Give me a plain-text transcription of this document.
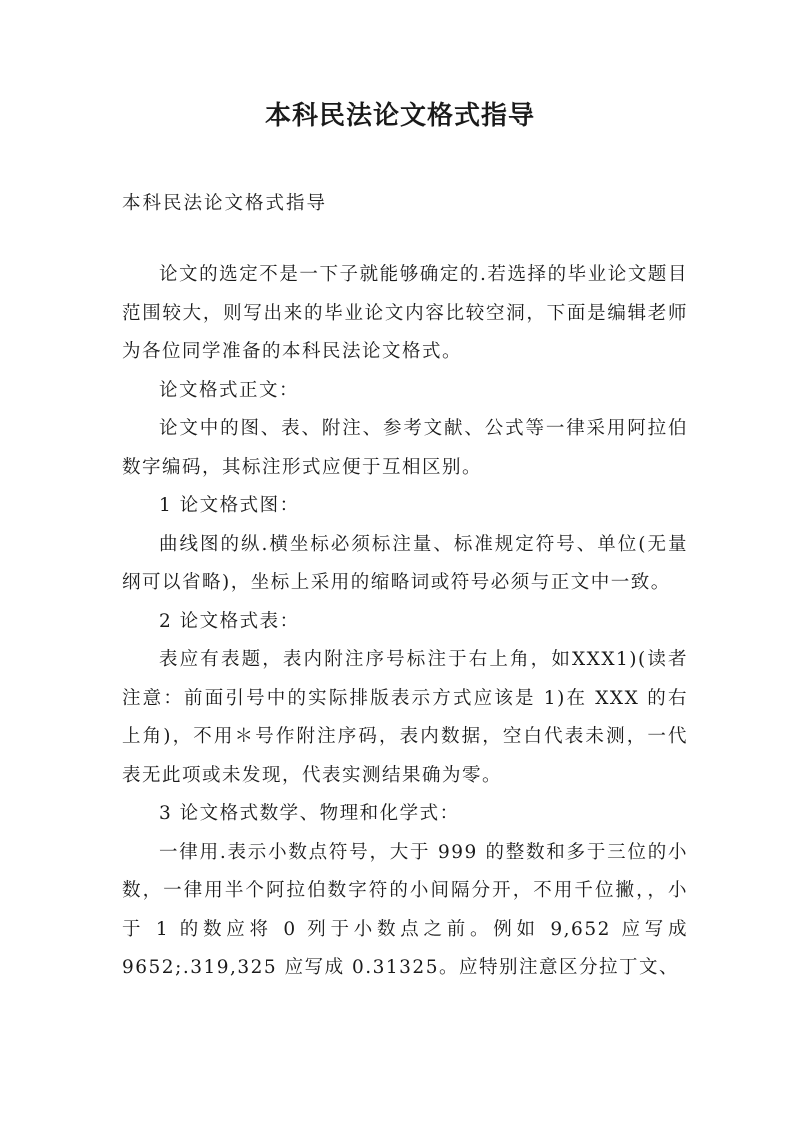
本科民法论文格式指导

本科民法论文格式指导

论文的选定不是一下子就能够确定的.若选择的毕业论文题目范围较大，则写出来的毕业论文内容比较空洞，下面是编辑老师为各位同学准备的本科民法论文格式。

论文格式正文：

论文中的图、表、附注、参考文献、公式等一律采用阿拉伯数字编码，其标注形式应便于互相区别。

1 论文格式图：

曲线图的纵.横坐标必须标注量、标准规定符号、单位(无量纲可以省略)，坐标上采用的缩略词或符号必须与正文中一致。

2 论文格式表：

表应有表题，表内附注序号标注于右上角，如XXX1)(读者注意：前面引号中的实际排版表示方式应该是 1)在 XXX 的右上角)，不用＊号作附注序码，表内数据，空白代表未测，一代表无此项或未发现，代表实测结果确为零。

3 论文格式数学、物理和化学式：

一律用.表示小数点符号，大于 999 的整数和多于三位的小数，一律用半个阿拉伯数字符的小间隔分开，不用千位撇，，小于 1 的数应将 0 列于小数点之前。例如 9,652 应写成 9652;.319,325 应写成 0.31325。应特别注意区分拉丁文、
